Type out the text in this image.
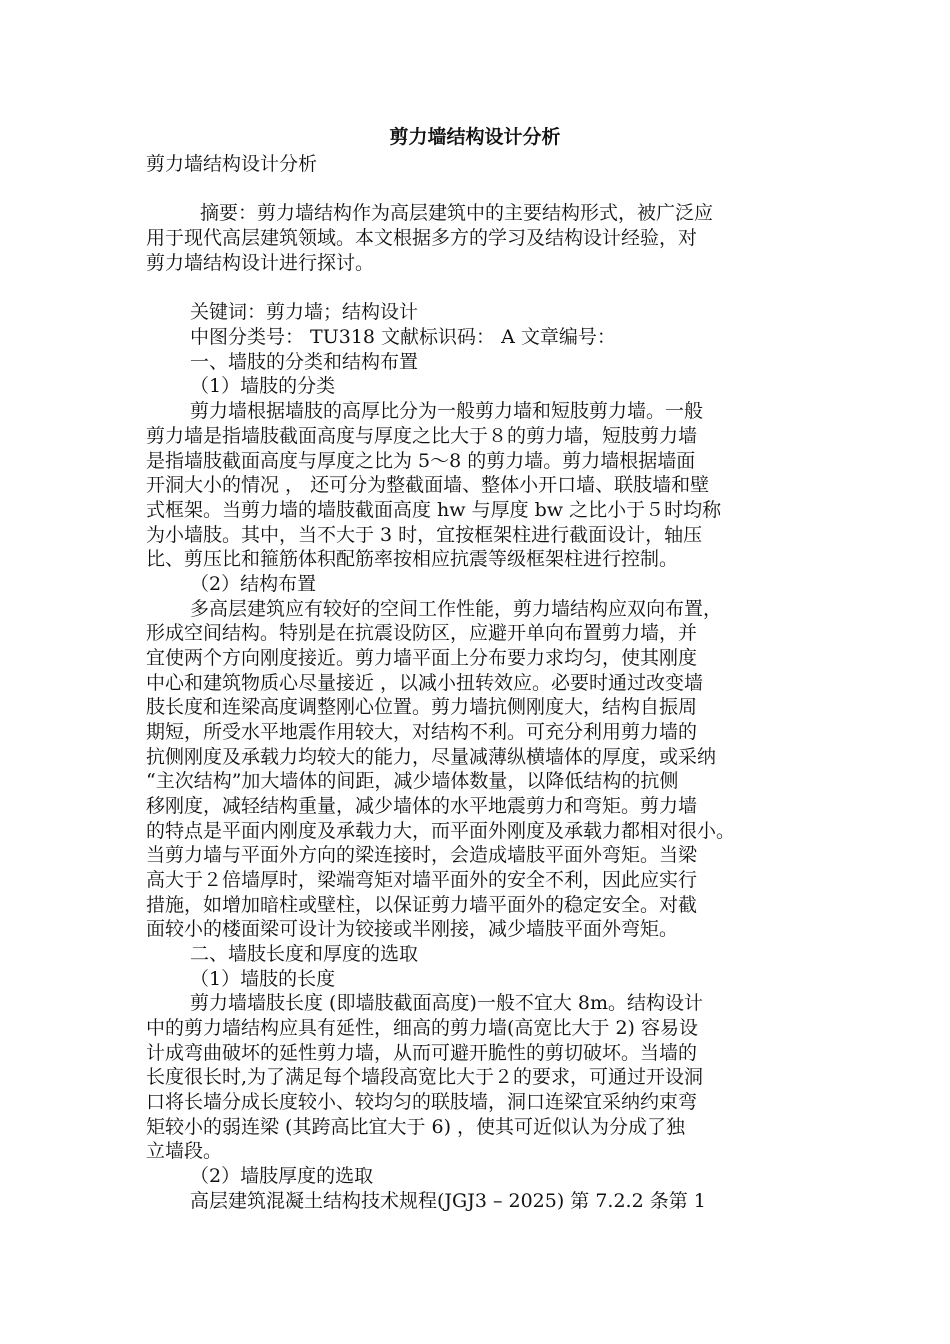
剪力墙结构设计分析
剪力墙结构设计分析
摘要：剪力墙结构作为高层建筑中的主要结构形式，被广泛应
用于现代高层建筑领域。本文根据多方的学习及结构设计经验，对
剪力墙结构设计进行探讨。
关键词：剪力墙；结构设计
中图分类号： TU318 文献标识码： A 文章编号：
一、墙肢的分类和结构布置
（1）墙肢的分类
剪力墙根据墙肢的高厚比分为一般剪力墙和短肢剪力墙。一般
剪力墙是指墙肢截面高度与厚度之比大于８的剪力墙，短肢剪力墙
是指墙肢截面高度与厚度之比为 5～8 的剪力墙。剪力墙根据墙面
开洞大小的情况 ， 还可分为整截面墙、整体小开口墙、联肢墙和壁
式框架。当剪力墙的墙肢截面高度 hw 与厚度 bw 之比小于５时均称
为小墙肢。其中，当不大于 3 时，宜按框架柱进行截面设计，轴压
比、剪压比和箍筋体积配筋率按相应抗震等级框架柱进行控制。
（2）结构布置
多高层建筑应有较好的空间工作性能，剪力墙结构应双向布置，
形成空间结构。特别是在抗震设防区，应避开单向布置剪力墙，并
宜使两个方向刚度接近。剪力墙平面上分布要力求均匀，使其刚度
中心和建筑物质心尽量接近 ，以减小扭转效应。必要时通过改变墙
肢长度和连梁高度调整刚心位置。剪力墙抗侧刚度大，结构自振周
期短，所受水平地震作用较大，对结构不利。可充分利用剪力墙的
抗侧刚度及承载力均较大的能力，尽量减薄纵横墙体的厚度，或采纳
“主次结构”加大墙体的间距，减少墙体数量，以降低结构的抗侧
移刚度，减轻结构重量，减少墙体的水平地震剪力和弯矩。剪力墙
的特点是平面内刚度及承载力大，而平面外刚度及承载力都相对很小。
当剪力墙与平面外方向的梁连接时，会造成墙肢平面外弯矩。当梁
高大于２倍墙厚时，梁端弯矩对墙平面外的安全不利，因此应实行
措施，如增加暗柱或壁柱，以保证剪力墙平面外的稳定安全。对截
面较小的楼面梁可设计为铰接或半刚接，减少墙肢平面外弯矩。
二、墙肢长度和厚度的选取
（1）墙肢的长度
剪力墙墙肢长度 (即墙肢截面高度)一般不宜大 8m。结构设计
中的剪力墙结构应具有延性，细高的剪力墙(高宽比大于 2) 容易设
计成弯曲破坏的延性剪力墙，从而可避开脆性的剪切破坏。当墙的
长度很长时,为了满足每个墙段高宽比大于２的要求，可通过开设洞
口将长墙分成长度较小、较均匀的联肢墙，洞口连梁宜采纳约束弯
矩较小的弱连梁 (其跨高比宜大于 6) ，使其可近似认为分成了独
立墙段。
（2）墙肢厚度的选取
高层建筑混凝土结构技术规程(JGJ3 – 2025) 第 7.2.2 条第 1
